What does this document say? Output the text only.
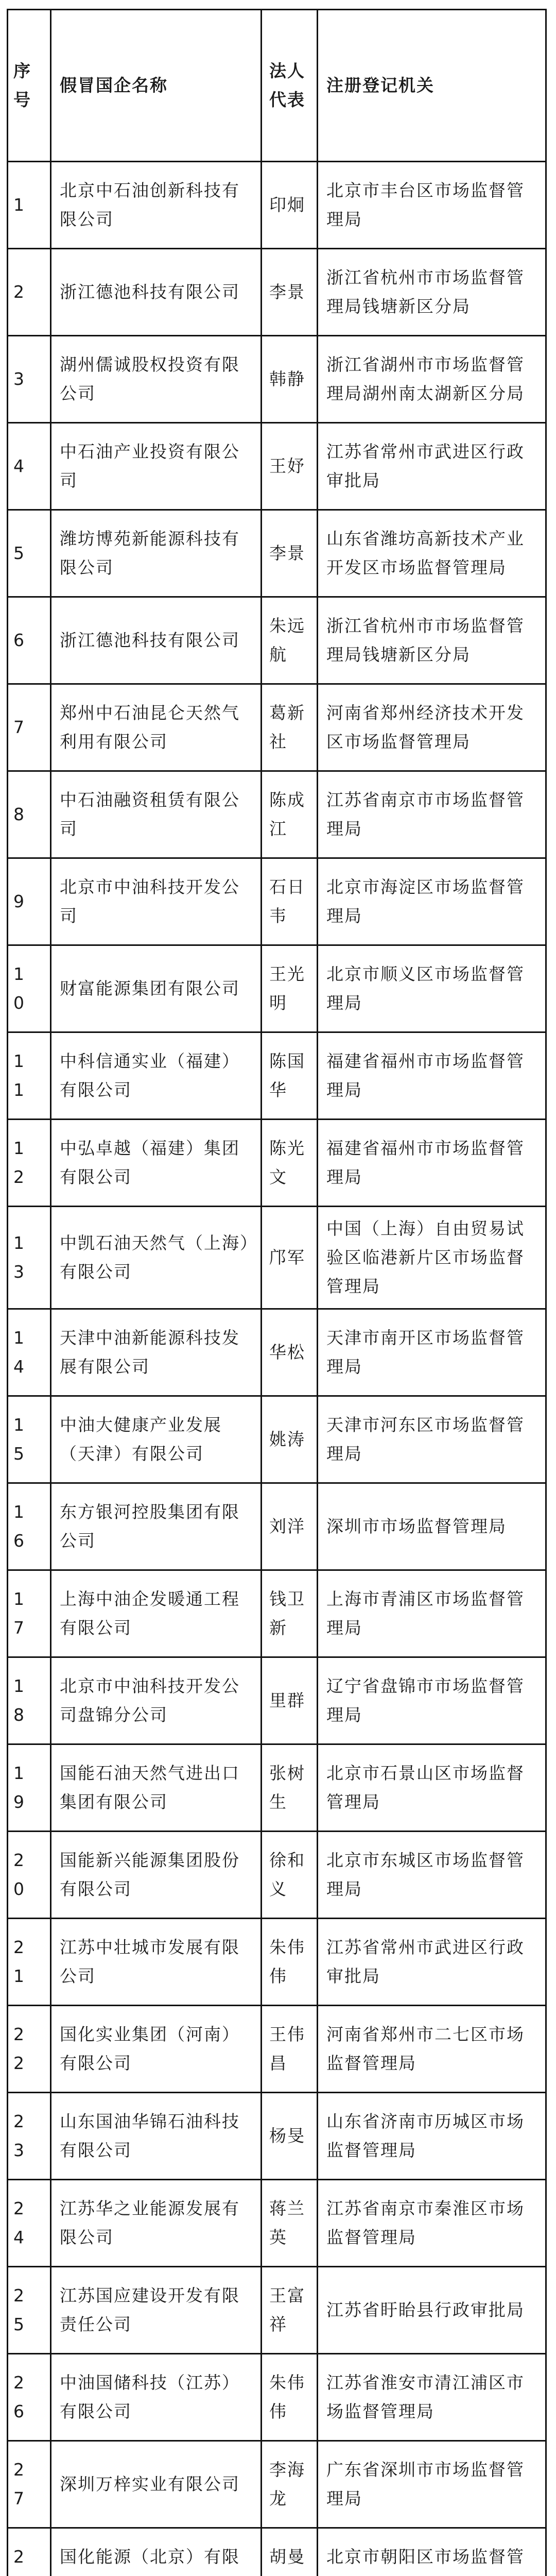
序号	假冒国企名称	法人代表	注册登记机关

1	北京中石油创新科技有限公司	印炯	北京市丰台区市场监督管理局

2	浙江德池科技有限公司	李景	浙江省杭州市市场监督管理局钱塘新区分局

3	湖州儒诚股权投资有限公司	韩静	浙江省湖州市市场监督管理局湖州南太湖新区分局

4	中石油产业投资有限公司	王妤	江苏省常州市武进区行政审批局

5	潍坊博苑新能源科技有限公司	李景	山东省潍坊高新技术产业开发区市场监督管理局

6	浙江德池科技有限公司	朱远航	浙江省杭州市市场监督管理局钱塘新区分局

7	郑州中石油昆仑天然气利用有限公司	葛新社	河南省郑州经济技术开发区市场监督管理局

8	中石油融资租赁有限公司	陈成江	江苏省南京市市场监督管理局

9	北京市中油科技开发公司	石日韦	北京市海淀区市场监督管理局

10	财富能源集团有限公司	王光明	北京市顺义区市场监督管理局

11	中科信通实业（福建）有限公司	陈国华	福建省福州市市场监督管理局

12	中弘卓越（福建）集团有限公司	陈光文	福建省福州市市场监督管理局

13	中凯石油天然气（上海）有限公司	邝军	中国（上海）自由贸易试验区临港新片区市场监督管理局

14	天津中油新能源科技发展有限公司	华松	天津市南开区市场监督管理局

15	中油大健康产业发展（天津）有限公司	姚涛	天津市河东区市场监督管理局

16	东方银河控股集团有限公司	刘洋	深圳市市场监督管理局

17	上海中油企发暖通工程有限公司	钱卫新	上海市青浦区市场监督管理局

18	北京市中油科技开发公司盘锦分公司	里群	辽宁省盘锦市市场监督管理局

19	国能石油天然气进出口集团有限公司	张树生	北京市石景山区市场监督管理局

20	国能新兴能源集团股份有限公司	徐和义	北京市东城区市场监督管理局

21	江苏中壮城市发展有限公司	朱伟伟	江苏省常州市武进区行政审批局

22	国化实业集团（河南）有限公司	王伟昌	河南省郑州市二七区市场监督管理局

23	山东国油华锦石油科技有限公司	杨旻	山东省济南市历城区市场监督管理局

24	江苏华之业能源发展有限公司	蒋兰英	江苏省南京市秦淮区市场监督管理局

25	江苏国应建设开发有限责任公司	王富祥	江苏省盱眙县行政审批局

26	中油国储科技（江苏）有限公司	朱伟伟	江苏省淮安市清江浦区市场监督管理局

27	深圳万梓实业有限公司	李海龙	广东省深圳市市场监督管理局

2	国化能源（北京）有限	胡曼	北京市朝阳区市场监督管
